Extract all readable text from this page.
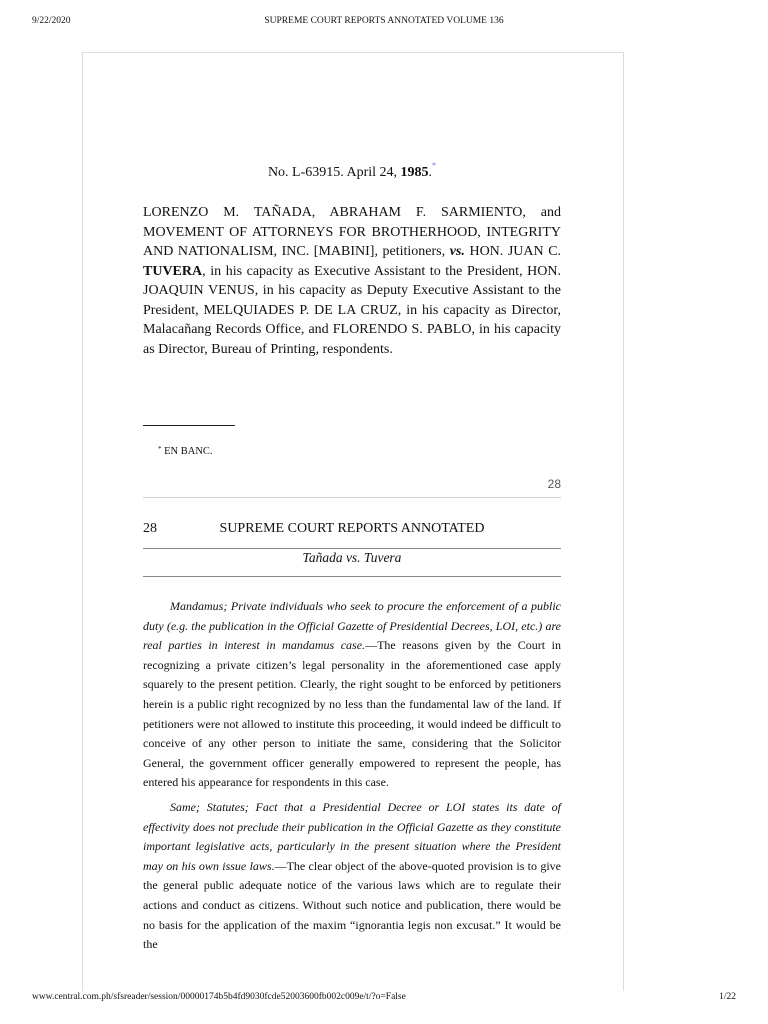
9/22/2020	SUPREME COURT REPORTS ANNOTATED VOLUME 136
No. L-63915. April 24, 1985.*
LORENZO M. TAÑADA, ABRAHAM F. SARMIENTO, and MOVEMENT OF ATTORNEYS FOR BROTHERHOOD, INTEGRITY AND NATIONALISM, INC. [MABINI], petitioners, vs. HON. JUAN C. TUVERA, in his capacity as Executive Assistant to the President, HON. JOAQUIN VENUS, in his capacity as Deputy Executive Assistant to the President, MELQUIADES P. DE LA CRUZ, in his capacity as Director, Malacañang Records Office, and FLORENDO S. PABLO, in his capacity as Director, Bureau of Printing, respondents.
* EN BANC.
28
28	SUPREME COURT REPORTS ANNOTATED
Tañada vs. Tuvera

Mandamus; Private individuals who seek to procure the enforcement of a public duty (e.g. the publication in the Official Gazette of Presidential Decrees, LOI, etc.) are real parties in interest in mandamus case.—The reasons given by the Court in recognizing a private citizen’s legal personality in the aforementioned case apply squarely to the present petition. Clearly, the right sought to be enforced by petitioners herein is a public right recognized by no less than the fundamental law of the land. If petitioners were not allowed to institute this proceeding, it would indeed be difficult to conceive of any other person to initiate the same, considering that the Solicitor General, the government officer generally empowered to represent the people, has entered his appearance for respondents in this case.

Same; Statutes; Fact that a Presidential Decree or LOI states its date of effectivity does not preclude their publication in the Official Gazette as they constitute important legislative acts, particularly in the present situation where the President may on his own issue laws.—The clear object of the above-quoted provision is to give the general public adequate notice of the various laws which are to regulate their actions and conduct as citizens. Without such notice and publication, there would be no basis for the application of the maxim “ignorantia legis non excusat.” It would be the

www.central.com.ph/sfsreader/session/00000174b5b4fd9030fcde52003600fb002c009e/t/?o=False	1/22
